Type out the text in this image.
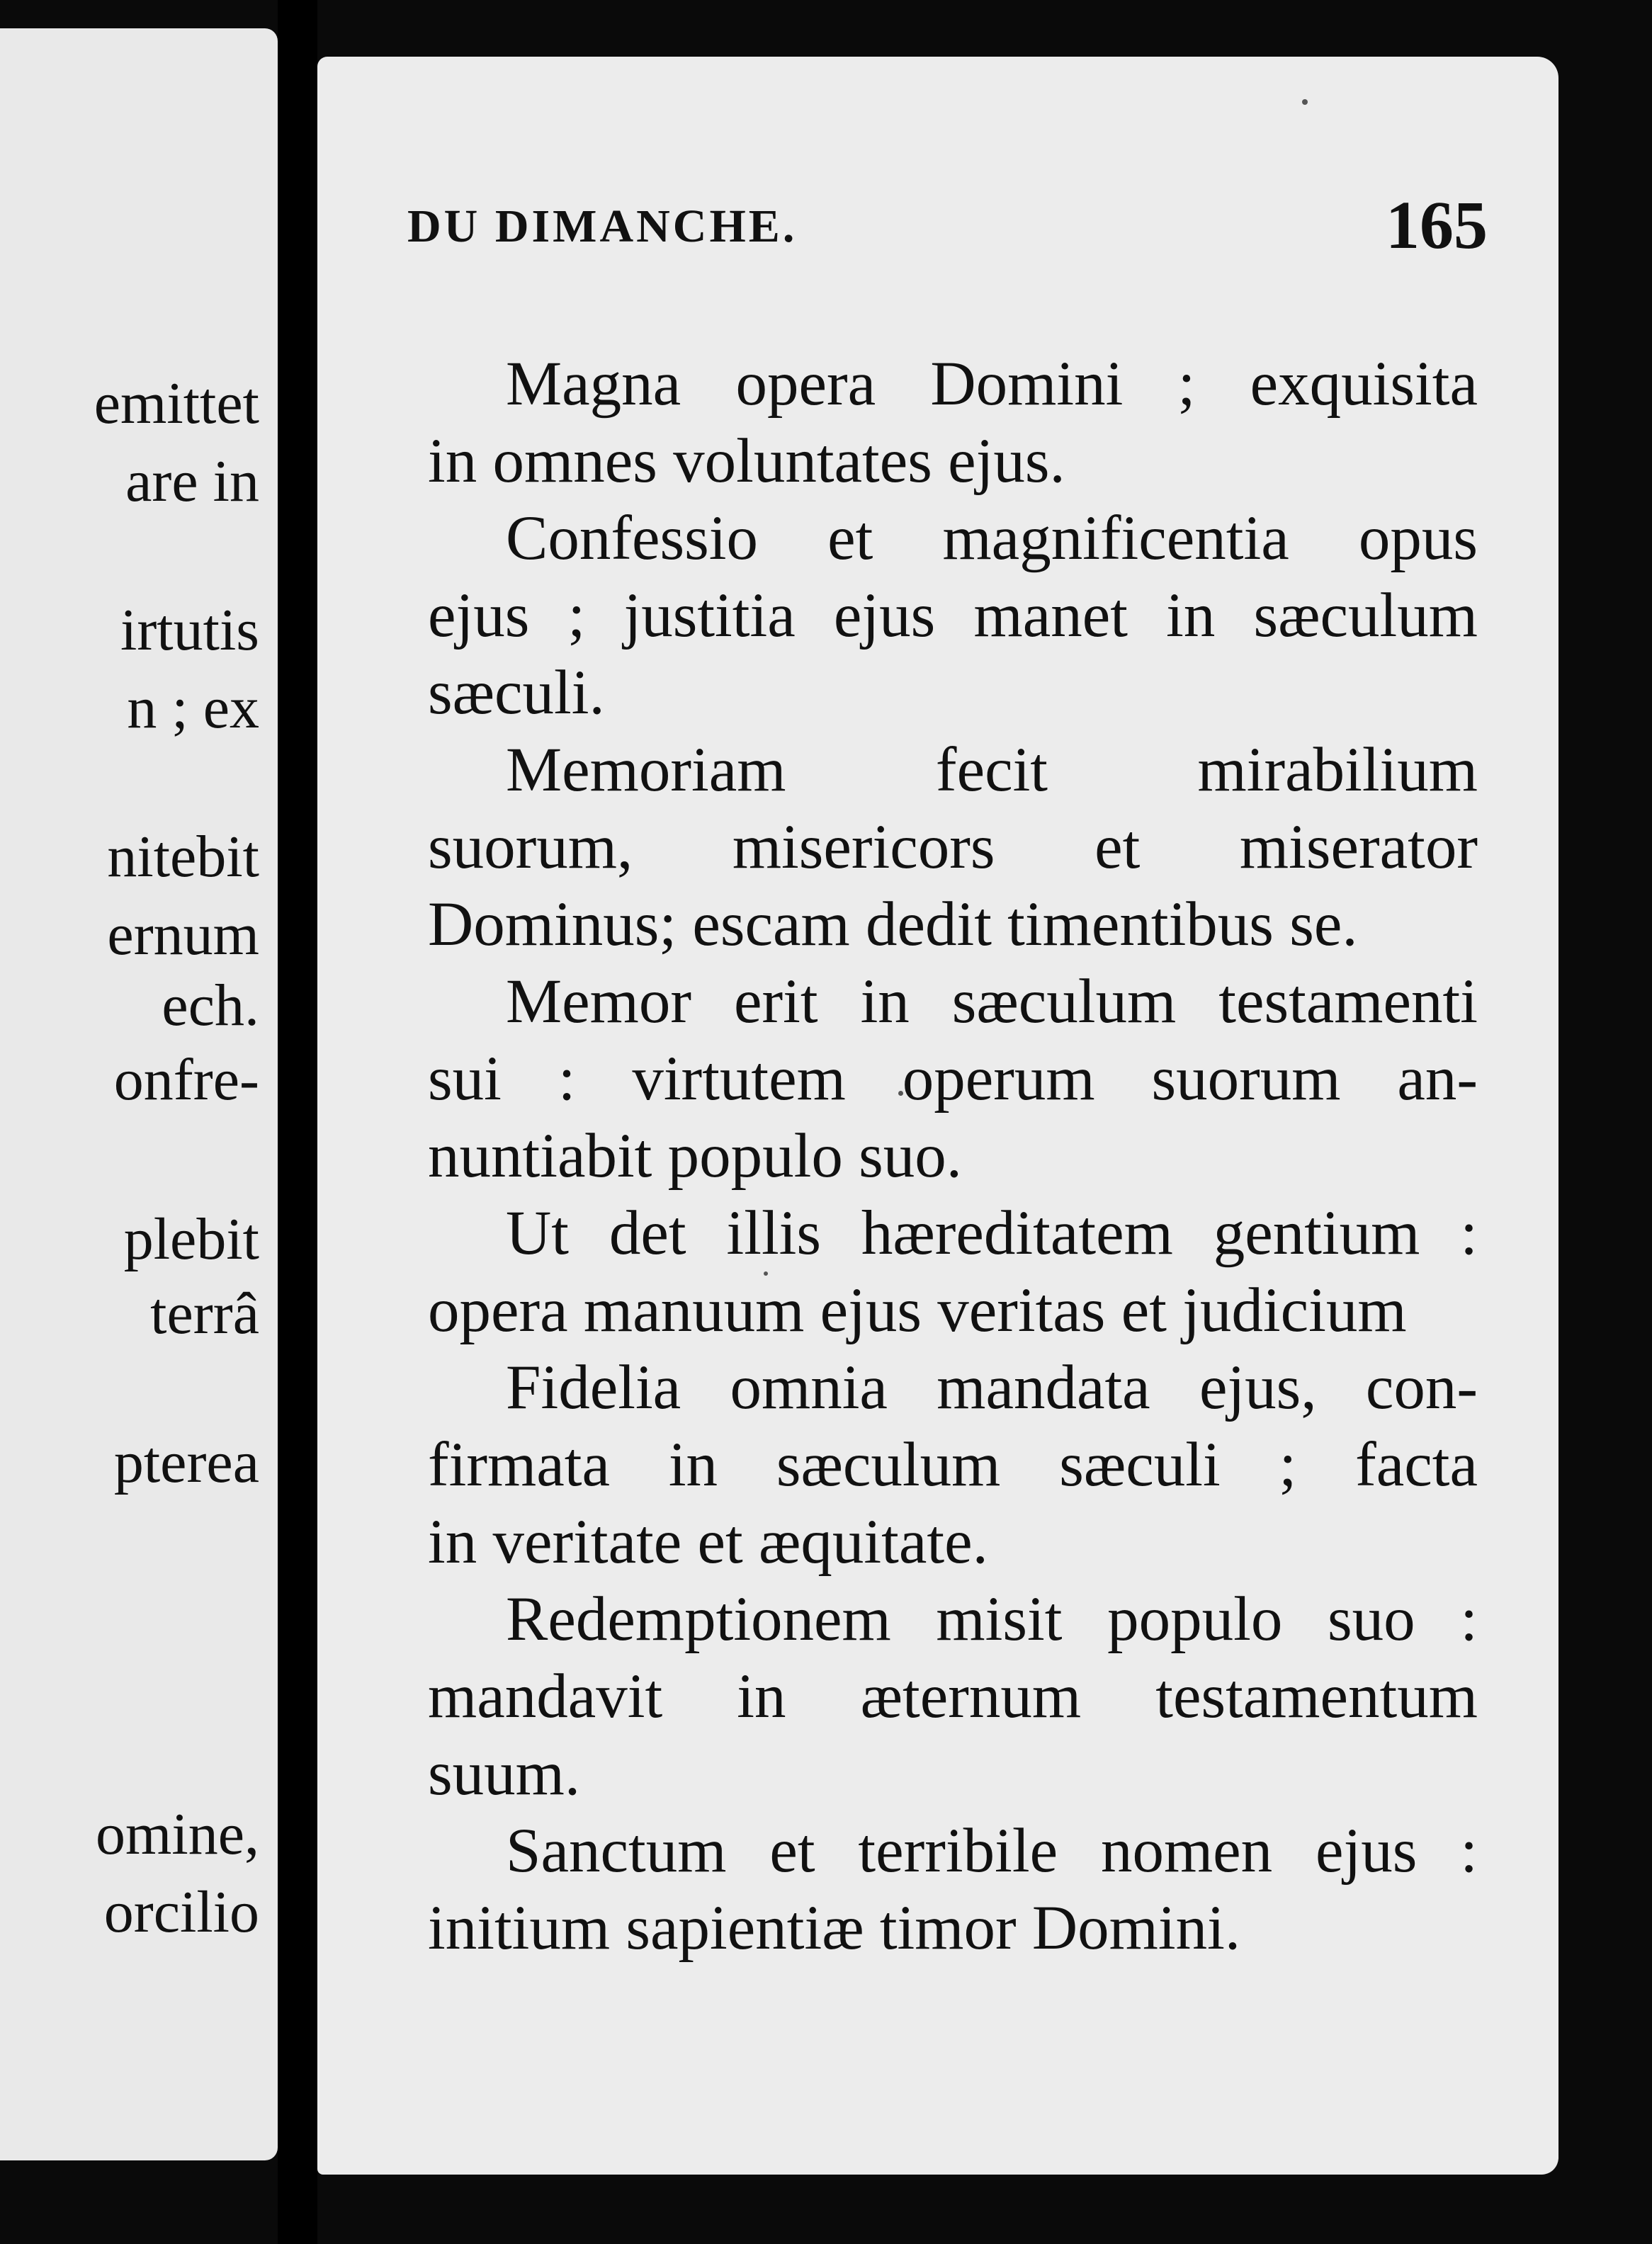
emittet
are in
irtutis
n ; ex
nitebit
ernum
ech.
onfre-
plebit
terrâ
pterea
omine,
orcilio
DU DIMANCHE.	165

Magna opera Domini ; exquisita
in omnes voluntates ejus.

Confessio et magnificentia opus
ejus ; justitia ejus manet in sæculum
sæculi.

Memoriam fecit mirabilium
suorum, misericors et miserator
Dominus; escam dedit timentibus se.

Memor erit in sæculum testamenti
sui : virtutem operum suorum an-
nuntiabit populo suo.

Ut det illis hæreditatem gentium :
opera manuum ejus veritas et judicium

Fidelia omnia mandata ejus, con-
firmata in sæculum sæculi ; facta
in veritate et æquitate.

Redemptionem misit populo suo :
mandavit in æternum testamentum
suum.

Sanctum et terribile nomen ejus :
initium sapientiæ timor Domini.
